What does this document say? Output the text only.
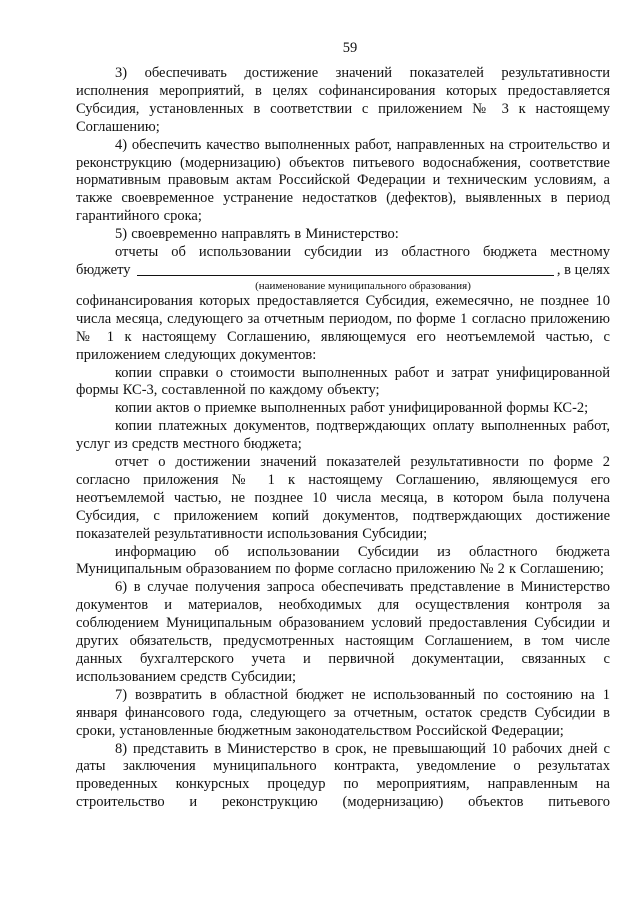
59

3) обеспечивать достижение значений показателей результативности исполнения мероприятий, в целях софинансирования которых предоставляется Субсидия, установленных в соответствии с приложением № 3 к настоящему Соглашению;

4) обеспечить качество выполненных работ, направленных на строительство и реконструкцию (модернизацию) объектов питьевого водоснабжения, соответствие нормативным правовым актам Российской Федерации и техническим условиям, а также своевременное устранение недостатков (дефектов), выявленных в период гарантийного срока;

5) своевременно направлять в Министерство:

отчеты об использовании субсидии из областного бюджета местному

бюджету	, в целях
(наименование муниципального образования)

софинансирования которых предоставляется Субсидия, ежемесячно, не позднее 10 числа месяца, следующего за отчетным периодом, по форме 1 согласно приложению № 1 к настоящему Соглашению, являющемуся его неотъемлемой частью, с приложением следующих документов:

копии справки о стоимости выполненных работ и затрат унифицированной формы КС-3, составленной по каждому объекту;

копии актов о приемке выполненных работ унифицированной формы КС-2;

копии платежных документов, подтверждающих оплату выполненных работ, услуг из средств местного бюджета;

отчет о достижении значений показателей результативности по форме 2 согласно приложения № 1 к настоящему Соглашению, являющемуся его неотъемлемой частью, не позднее 10 числа месяца, в котором была получена Субсидия, с приложением копий документов, подтверждающих достижение показателей результативности использования Субсидии;

информацию об использовании Субсидии из областного бюджета Муниципальным образованием по форме согласно приложению № 2 к Соглашению;

6) в случае получения запроса обеспечивать представление в Министерство документов и материалов, необходимых для осуществления контроля за соблюдением Муниципальным образованием условий предоставления Субсидии и других обязательств, предусмотренных настоящим Соглашением, в том числе данных бухгалтерского учета и первичной документации, связанных с использованием средств Субсидии;

7) возвратить в областной бюджет не использованный по состоянию на 1 января финансового года, следующего за отчетным, остаток средств Субсидии в сроки, установленные бюджетным законодательством Российской Федерации;

8) представить в Министерство в срок, не превышающий 10 рабочих дней с даты заключения муниципального контракта, уведомление о результатах проведенных конкурсных процедур по мероприятиям, направленным на строительство и реконструкцию (модернизацию) объектов питьевого
